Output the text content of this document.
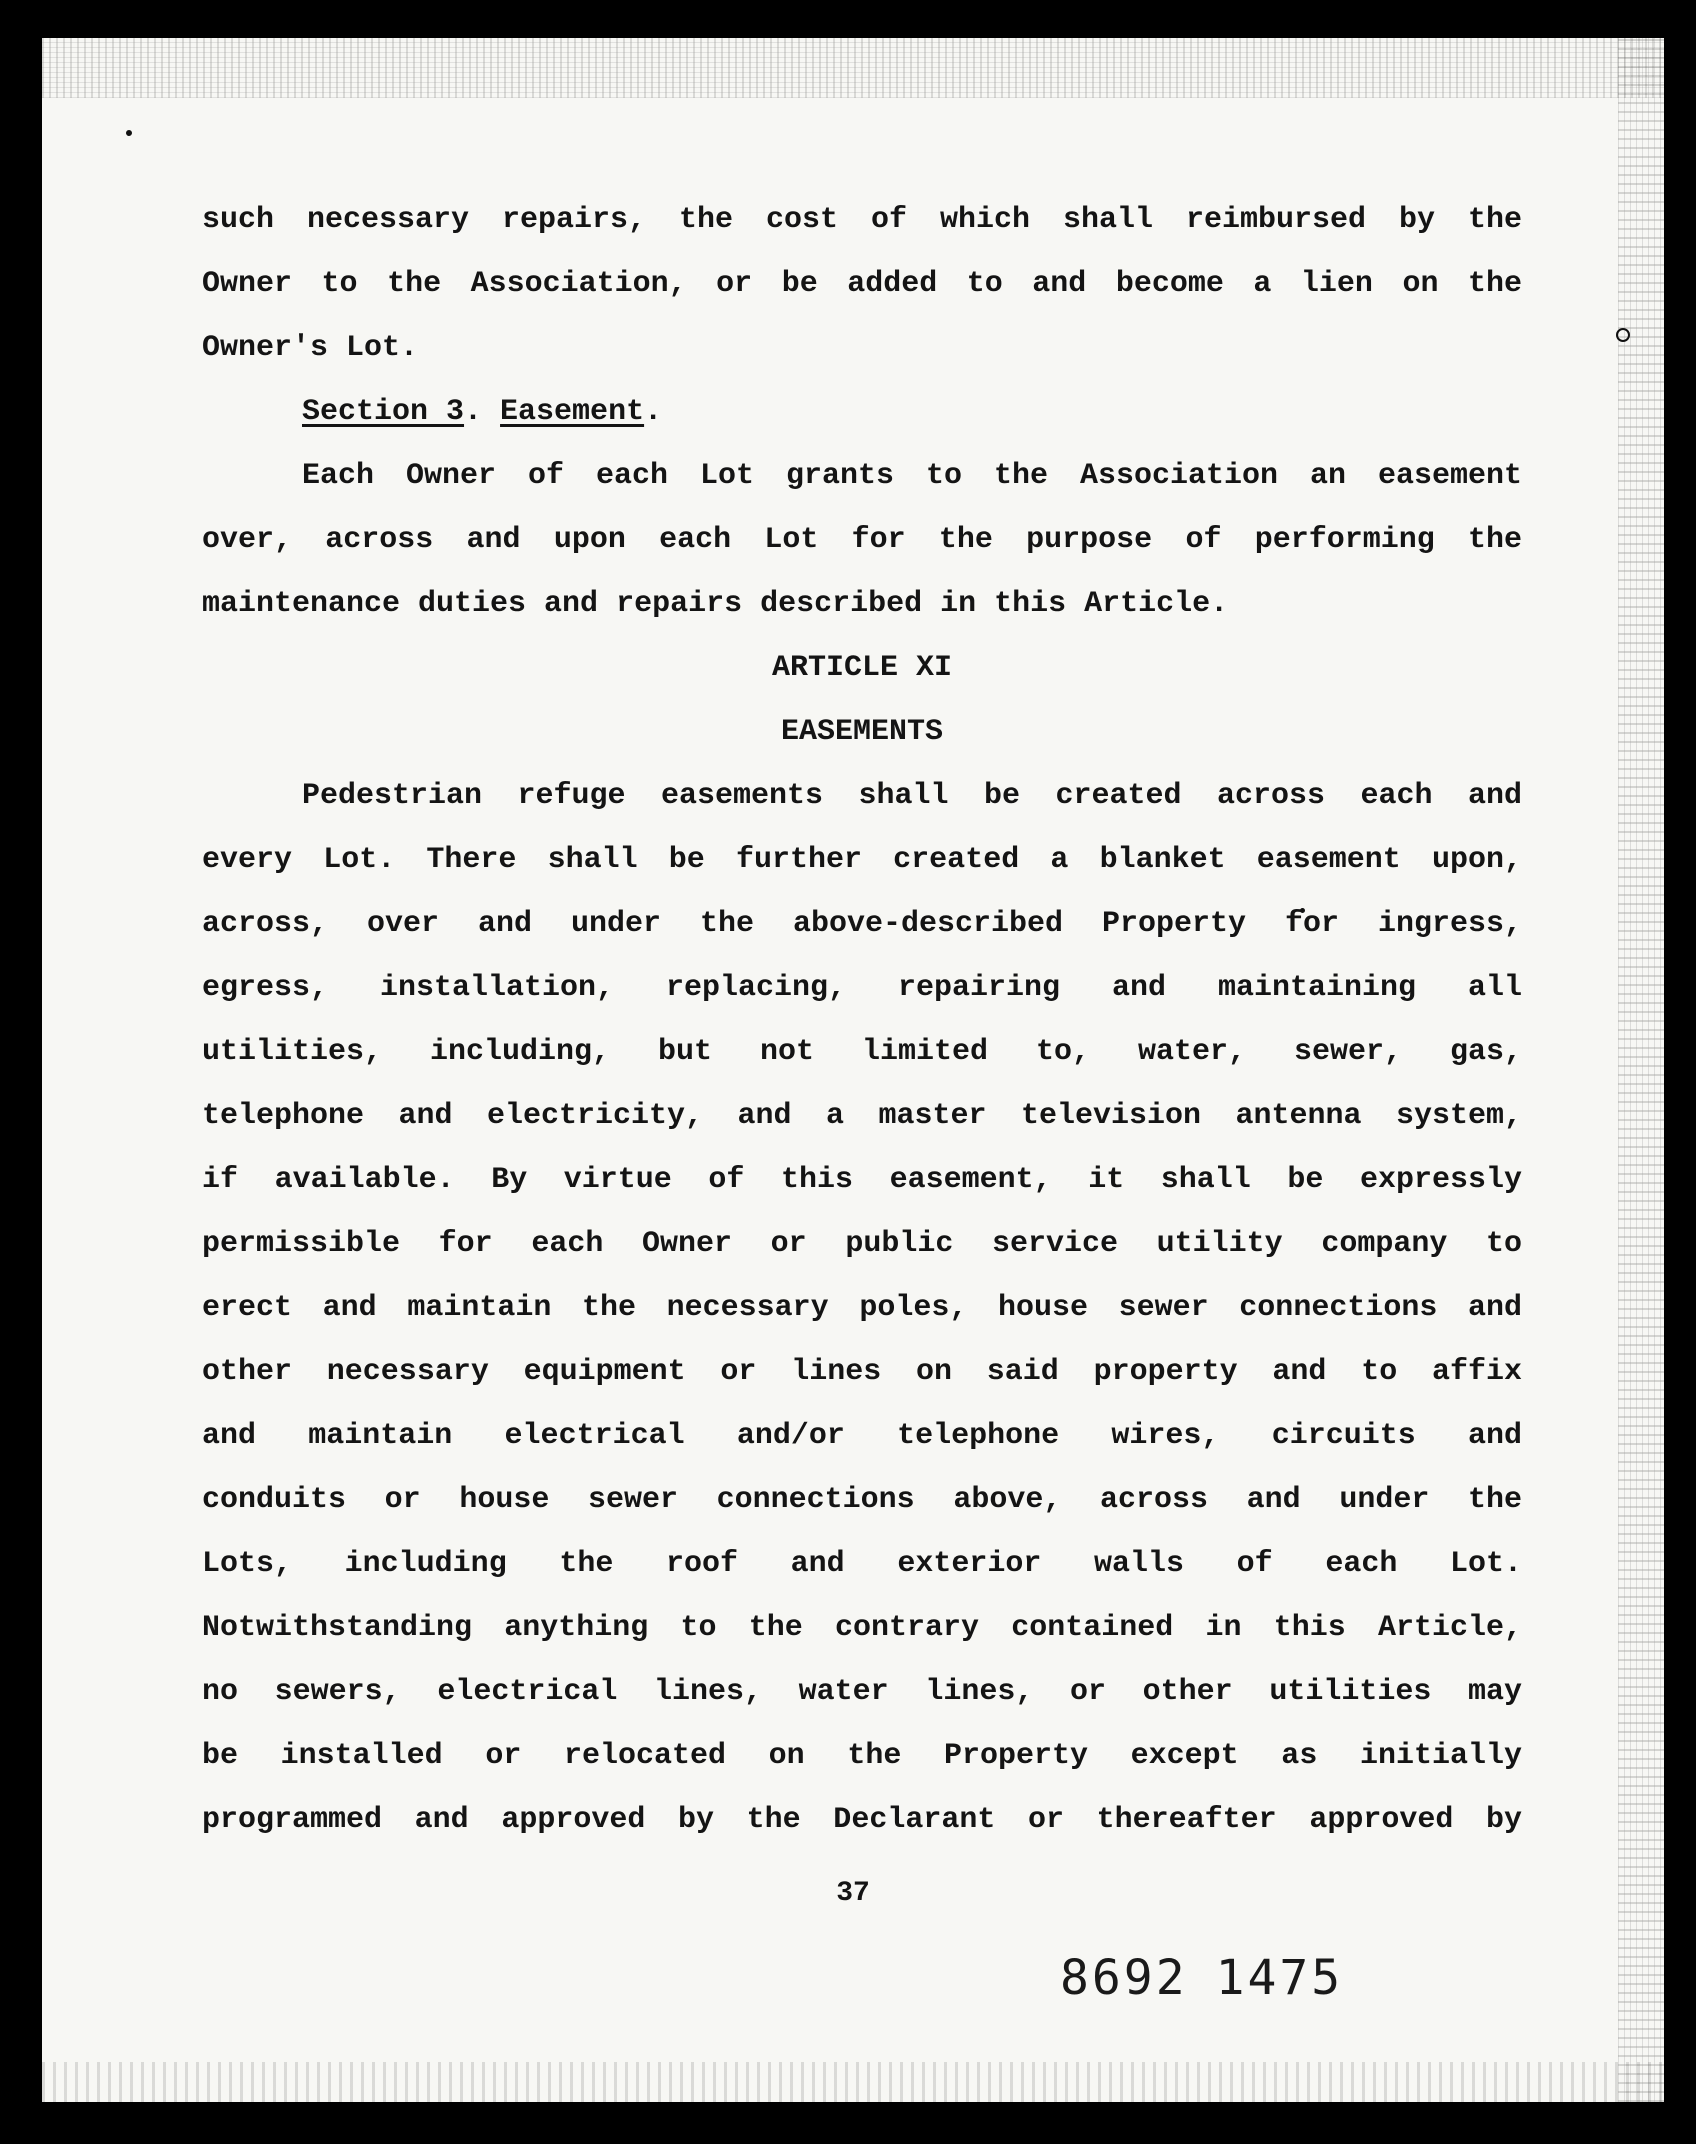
such necessary repairs, the cost of which shall reimbursed by the
Owner to the Association, or be added to and become a lien on the
Owner's Lot.
Section 3. Easement.
Each Owner of each Lot grants to the Association an easement
over, across and upon each Lot for the purpose of performing the
maintenance duties and repairs described in this Article.
ARTICLE XI
EASEMENTS
Pedestrian refuge easements shall be created across each and
every Lot. There shall be further created a blanket easement upon,
across, over and under the above-described Property for ingress,
egress, installation, replacing, repairing and maintaining all
utilities, including, but not limited to, water, sewer, gas,
telephone and electricity, and a master television antenna system,
if available. By virtue of this easement, it shall be expressly
permissible for each Owner or public service utility company to
erect and maintain the necessary poles, house sewer connections and
other necessary equipment or lines on said property and to affix
and maintain electrical and/or telephone wires, circuits and
conduits or house sewer connections above, across and under the
Lots, including the roof and exterior walls of each Lot.
Notwithstanding anything to the contrary contained in this Article,
no sewers, electrical lines, water lines, or other utilities may
be installed or relocated on the Property except as initially
programmed and approved by the Declarant or thereafter approved by
37
8692 1475
